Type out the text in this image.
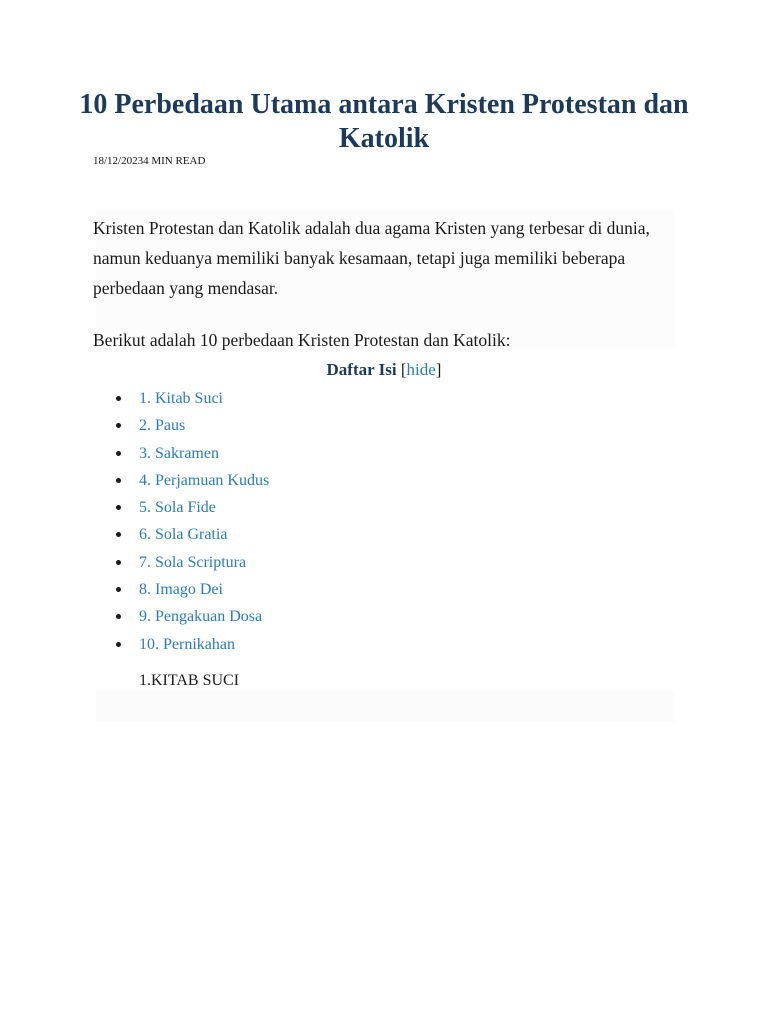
10 Perbedaan Utama antara Kristen Protestan dan Katolik
18/12/20234 MIN READ

Kristen Protestan dan Katolik adalah dua agama Kristen yang terbesar di dunia, namun keduanya memiliki banyak kesamaan, tetapi juga memiliki beberapa perbedaan yang mendasar.

Berikut adalah 10 perbedaan Kristen Protestan dan Katolik:

Daftar Isi [hide]
1. Kitab Suci
2. Paus
3. Sakramen
4. Perjamuan Kudus
5. Sola Fide
6. Sola Gratia
7. Sola Scriptura
8. Imago Dei
9. Pengakuan Dosa
10. Pernikahan
1.KITAB SUCI
